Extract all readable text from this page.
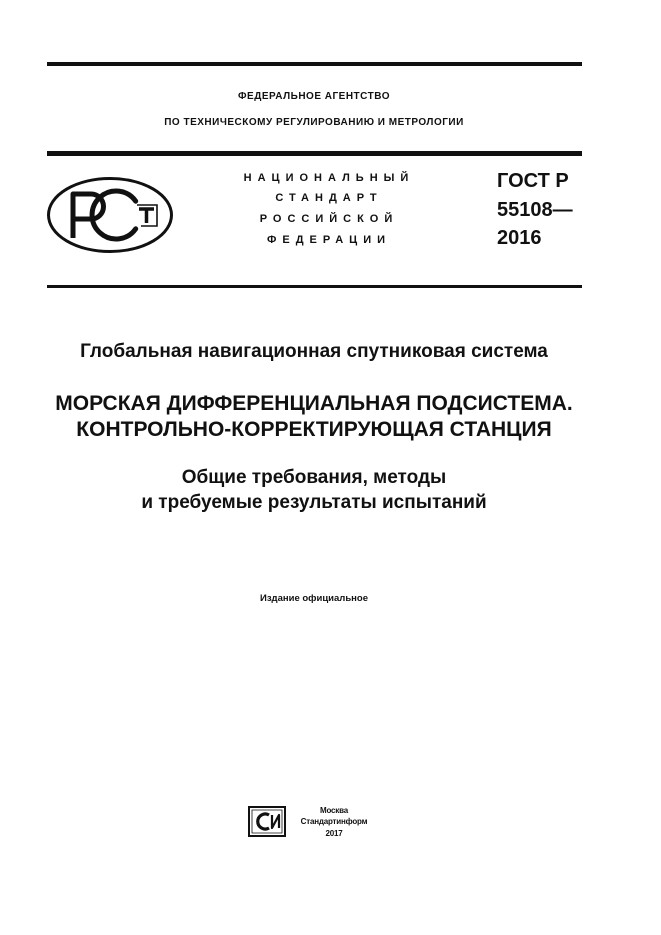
ФЕДЕРАЛЬНОЕ АГЕНТСТВО
ПО ТЕХНИЧЕСКОМУ РЕГУЛИРОВАНИЮ И МЕТРОЛОГИИ
НАЦИОНАЛЬНЫЙ
СТАНДАРТ
РОССИЙСКОЙ
ФЕДЕРАЦИИ
ГОСТ Р
55108—
2016
Глобальная навигационная спутниковая система
МОРСКАЯ ДИФФЕРЕНЦИАЛЬНАЯ ПОДСИСТЕМА.
КОНТРОЛЬНО-КОРРЕКТИРУЮЩАЯ СТАНЦИЯ
Общие требования, методы
и требуемые результаты испытаний
Издание официальное
Москва
Стандартинформ
2017
